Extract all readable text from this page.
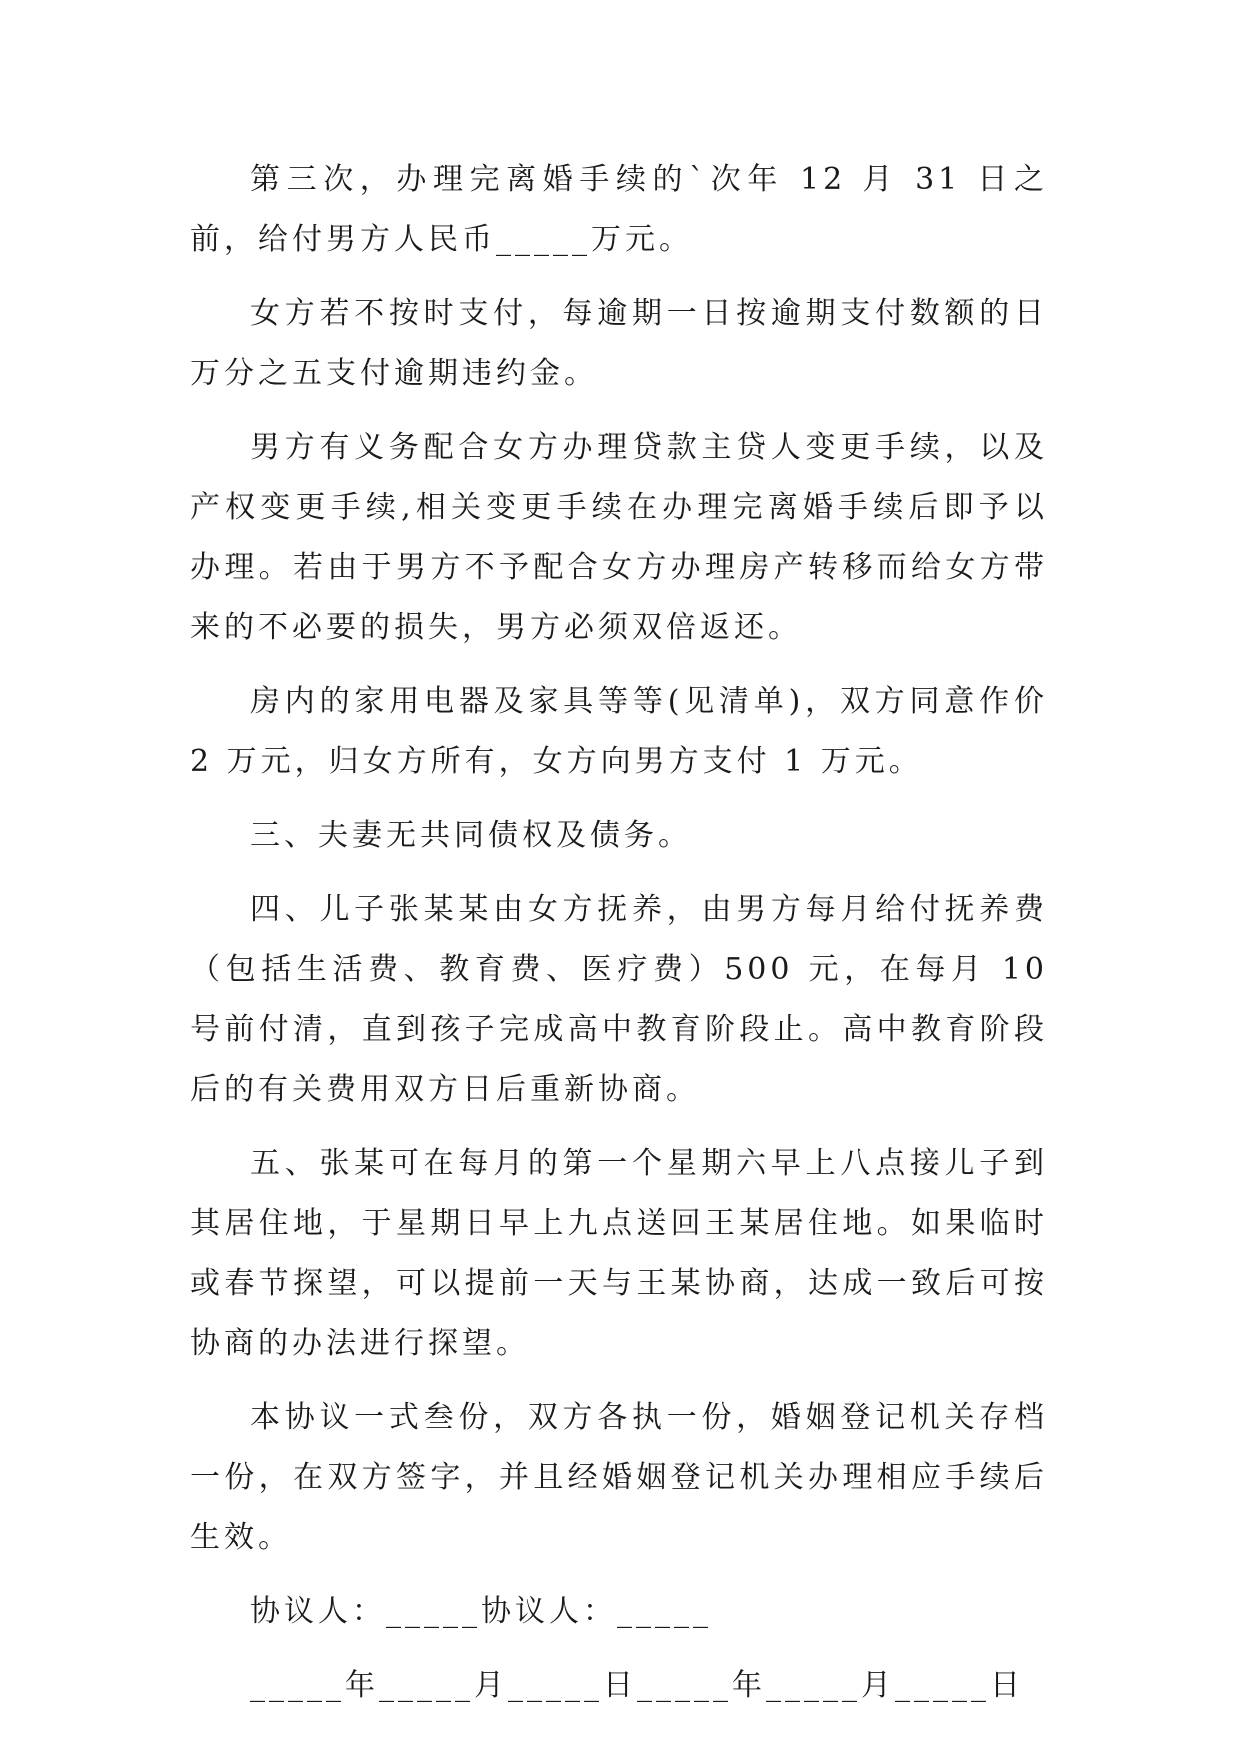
第三次，办理完离婚手续的`次年 12 月 31 日之前，给付男方人民币_____万元。

女方若不按时支付，每逾期一日按逾期支付数额的日万分之五支付逾期违约金。

男方有义务配合女方办理贷款主贷人变更手续，以及产权变更手续,相关变更手续在办理完离婚手续后即予以办理。若由于男方不予配合女方办理房产转移而给女方带来的不必要的损失，男方必须双倍返还。

房内的家用电器及家具等等(见清单)，双方同意作价 2 万元，归女方所有，女方向男方支付 1 万元。

三、夫妻无共同债权及债务。

四、儿子张某某由女方抚养，由男方每月给付抚养费（包括生活费、教育费、医疗费）500 元，在每月 10 号前付清，直到孩子完成高中教育阶段止。高中教育阶段后的有关费用双方日后重新协商。

五、张某可在每月的第一个星期六早上八点接儿子到其居住地，于星期日早上九点送回王某居住地。如果临时或春节探望，可以提前一天与王某协商，达成一致后可按协商的办法进行探望。

本协议一式叁份，双方各执一份，婚姻登记机关存档一份，在双方签字，并且经婚姻登记机关办理相应手续后生效。

协议人：_____协议人：_____

_____年_____月_____日_____年_____月_____日
